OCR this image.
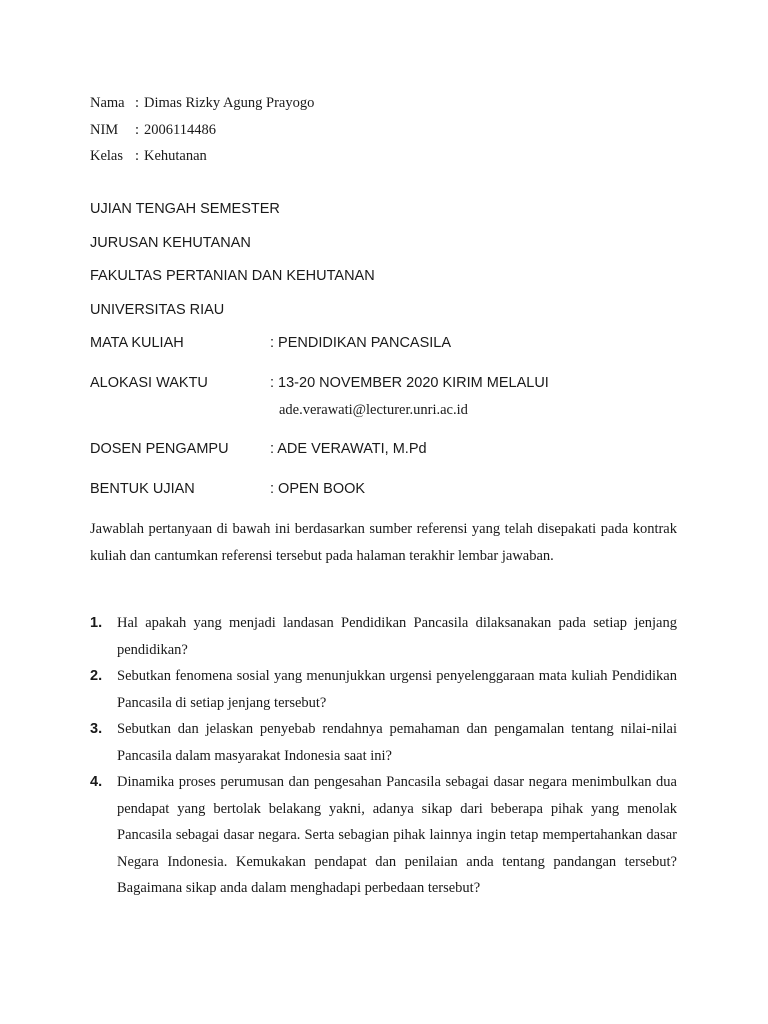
Nama : Dimas Rizky Agung Prayogo
NIM : 2006114486
Kelas : Kehutanan
UJIAN TENGAH SEMESTER
JURUSAN KEHUTANAN
FAKULTAS PERTANIAN DAN KEHUTANAN
UNIVERSITAS RIAU
MATA KULIAH	: PENDIDIKAN PANCASILA
ALOKASI WAKTU	: 13-20 NOVEMBER 2020 KIRIM MELALUI
ade.verawati@lecturer.unri.ac.id
DOSEN PENGAMPU	: ADE VERAWATI, M.Pd
BENTUK UJIAN	: OPEN BOOK

Jawablah pertanyaan di bawah ini berdasarkan sumber referensi yang telah disepakati pada kontrak kuliah dan cantumkan referensi tersebut pada halaman terakhir lembar jawaban.

1.	Hal apakah yang menjadi landasan Pendidikan Pancasila dilaksanakan pada setiap jenjang pendidikan?
2.	Sebutkan fenomena sosial yang menunjukkan urgensi penyelenggaraan mata kuliah Pendidikan Pancasila di setiap jenjang tersebut?
3.	Sebutkan dan jelaskan penyebab rendahnya pemahaman dan pengamalan tentang nilai-nilai Pancasila dalam masyarakat Indonesia saat ini?
4.	Dinamika proses perumusan dan pengesahan Pancasila sebagai dasar negara menimbulkan dua pendapat yang bertolak belakang yakni, adanya sikap dari beberapa pihak yang menolak Pancasila sebagai dasar negara. Serta sebagian pihak lainnya ingin tetap mempertahankan dasar Negara Indonesia. Kemukakan pendapat dan penilaian anda tentang pandangan tersebut? Bagaimana sikap anda dalam menghadapi perbedaan tersebut?
